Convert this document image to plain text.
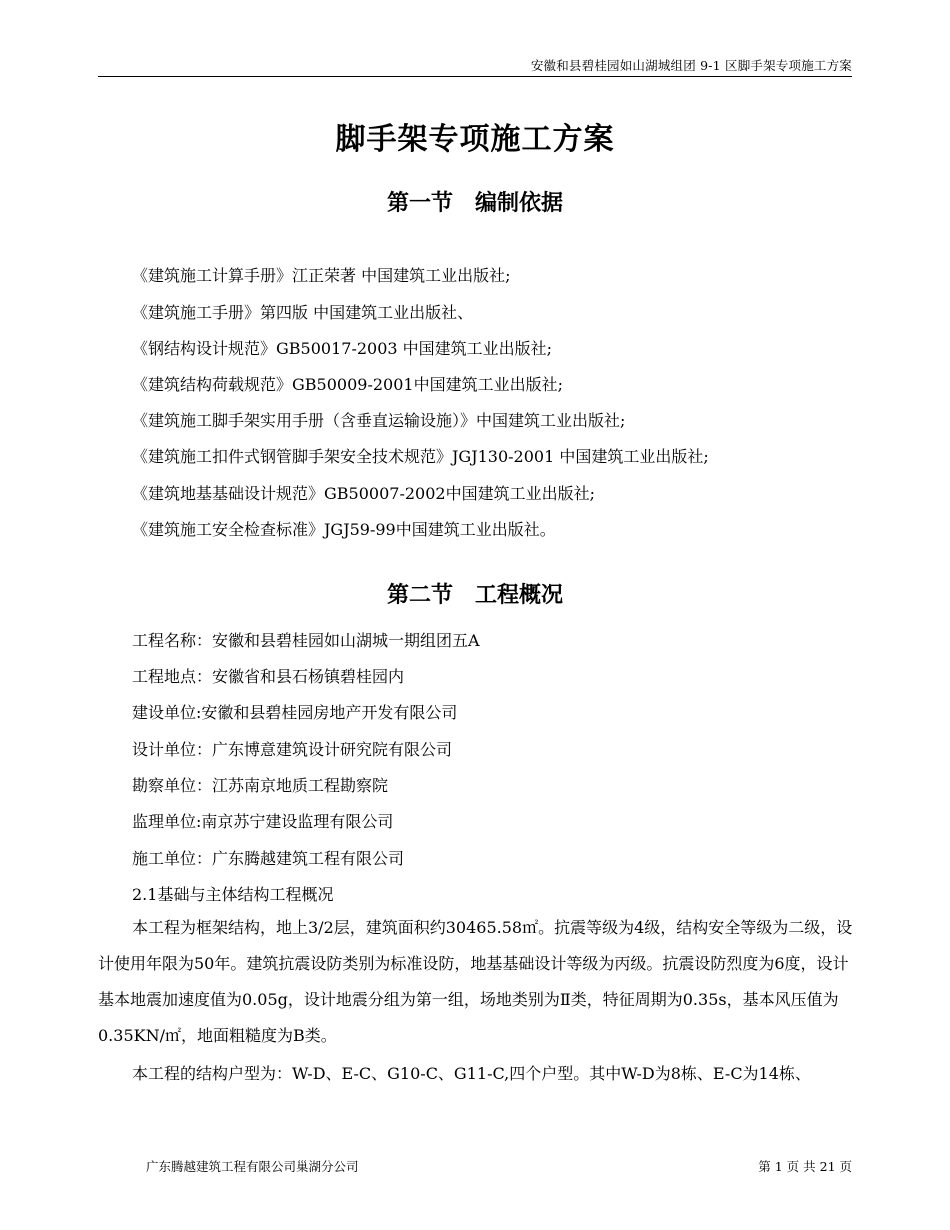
安徽和县碧桂园如山湖城组团 9-1 区脚手架专项施工方案
脚手架专项施工方案
第一节 编制依据
《建筑施工计算手册》江正荣著 中国建筑工业出版社;
《建筑施工手册》第四版 中国建筑工业出版社、
《钢结构设计规范》GB50017-2003 中国建筑工业出版社;
《建筑结构荷载规范》GB50009-2001中国建筑工业出版社;
《建筑施工脚手架实用手册（含垂直运输设施）》中国建筑工业出版社;
《建筑施工扣件式钢管脚手架安全技术规范》JGJ130-2001 中国建筑工业出版社;
《建筑地基基础设计规范》GB50007-2002中国建筑工业出版社;
《建筑施工安全检查标准》JGJ59-99中国建筑工业出版社。
第二节 工程概况
工程名称：安徽和县碧桂园如山湖城一期组团五A
工程地点：安徽省和县石杨镇碧桂园内
建设单位:安徽和县碧桂园房地产开发有限公司
设计单位：广东博意建筑设计研究院有限公司
勘察单位：江苏南京地质工程勘察院
监理单位:南京苏宁建设监理有限公司
施工单位：广东腾越建筑工程有限公司
2.1基础与主体结构工程概况
本工程为框架结构，地上3/2层，建筑面积约30465.58㎡。抗震等级为4级，结构安全等级为二级，设计使用年限为50年。建筑抗震设防类别为标准设防，地基基础设计等级为丙级。抗震设防烈度为6度，设计基本地震加速度值为0.05g，设计地震分组为第一组，场地类别为Ⅱ类，特征周期为0.35s，基本风压值为0.35KN/㎡，地面粗糙度为B类。
本工程的结构户型为：W-D、E-C、G10-C、G11-C,四个户型。其中W-D为8栋、E-C为14栋、
广东腾越建筑工程有限公司巢湖分公司	第 1 页 共 21 页
